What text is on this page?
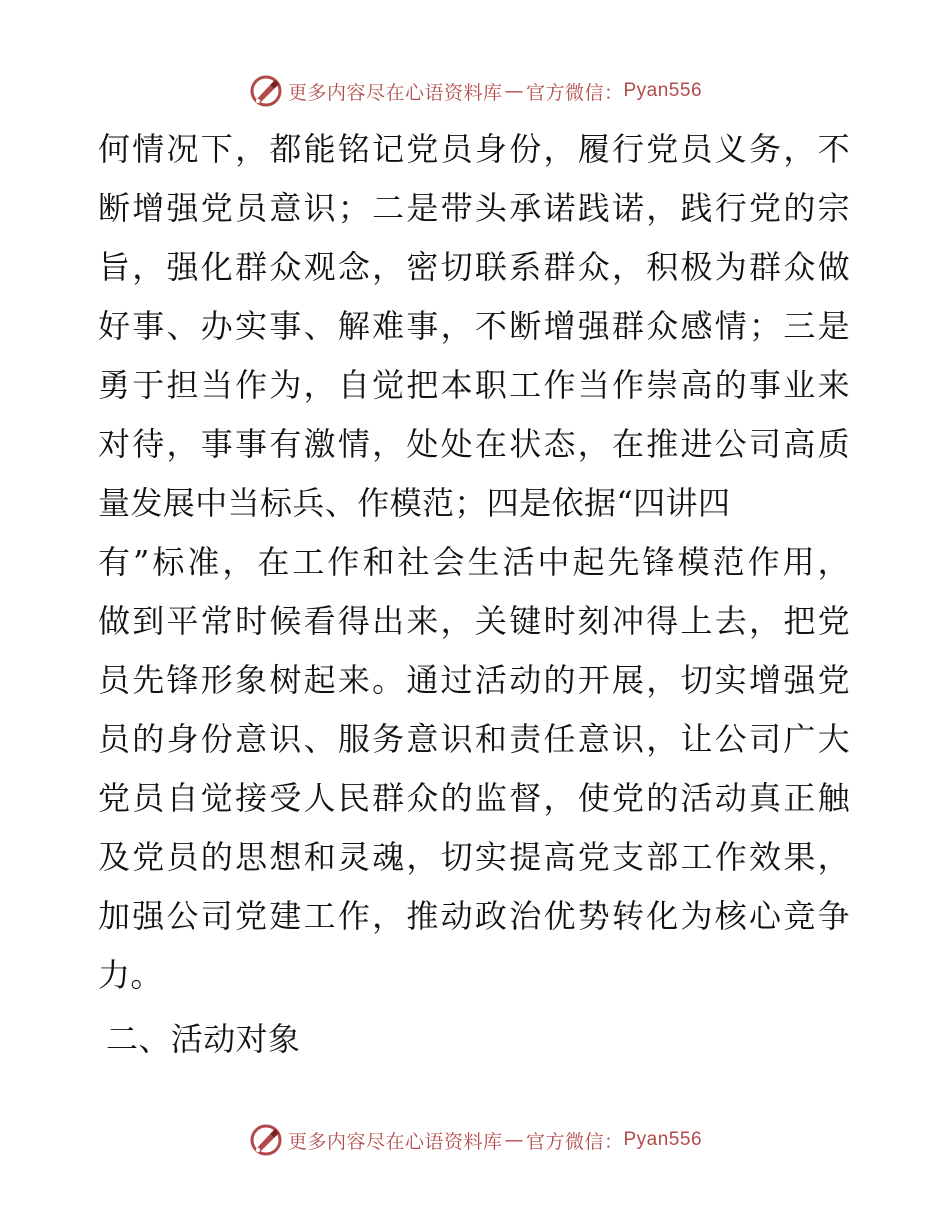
更多内容尽在心语资料库 — 官方微信： Pyan556
何情况下，都能铭记党员身份，履行党员义务，不
断增强党员意识；二是带头承诺践诺，践行党的宗
旨，强化群众观念，密切联系群众，积极为群众做
好事、办实事、解难事，不断增强群众感情；三是
勇于担当作为，自觉把本职工作当作崇高的事业来
对待，事事有激情，处处在状态，在推进公司高质
量发展中当标兵、作模范；四是依据“四讲四
有”标准，在工作和社会生活中起先锋模范作用，
做到平常时候看得出来，关键时刻冲得上去，把党
员先锋形象树起来。通过活动的开展，切实增强党
员的身份意识、服务意识和责任意识，让公司广大
党员自觉接受人民群众的监督，使党的活动真正触
及党员的思想和灵魂，切实提高党支部工作效果，
加强公司党建工作，推动政治优势转化为核心竞争
力。
二、活动对象
更多内容尽在心语资料库 — 官方微信： Pyan556
